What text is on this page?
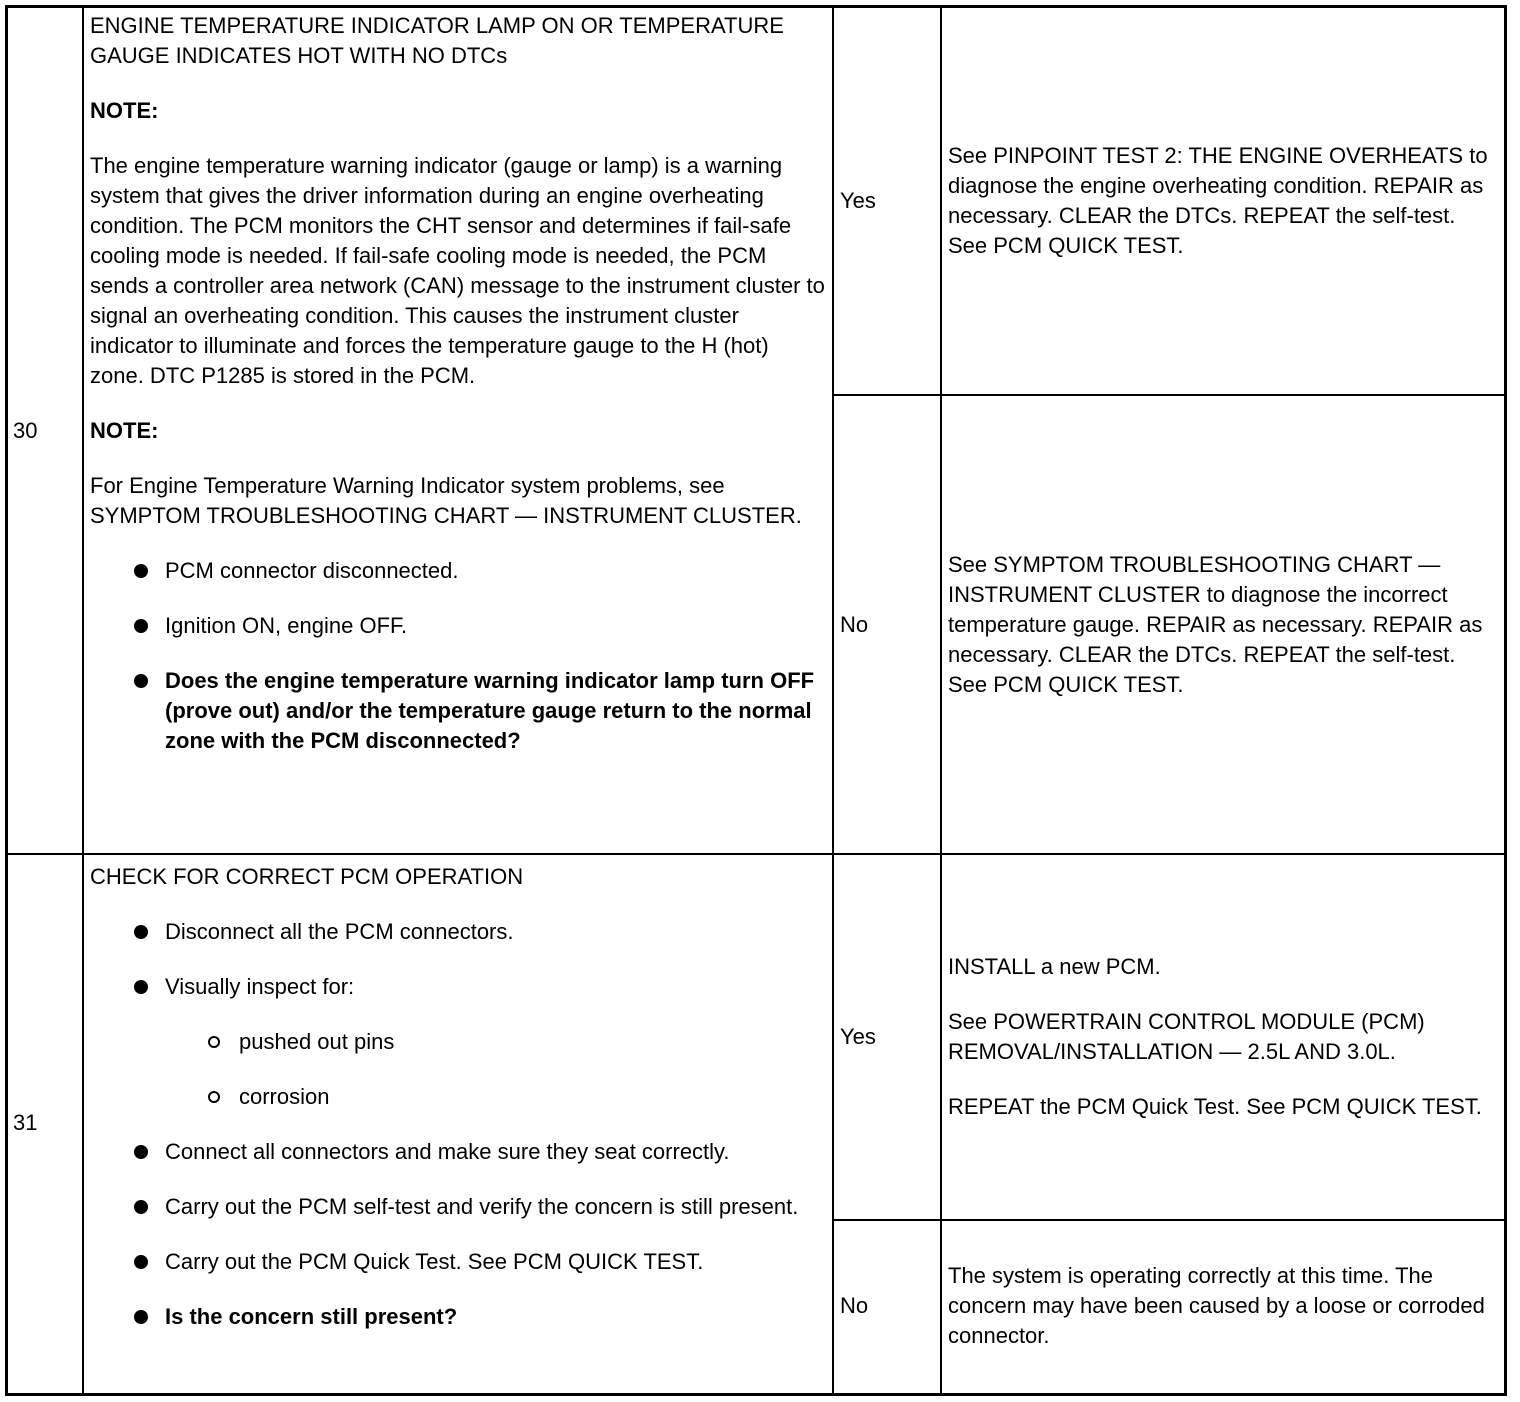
30

ENGINE TEMPERATURE INDICATOR LAMP ON OR TEMPERATURE GAUGE INDICATES HOT WITH NO DTCs

NOTE:

The engine temperature warning indicator (gauge or lamp) is a warning system that gives the driver information during an engine overheating condition. The PCM monitors the CHT sensor and determines if fail-safe cooling mode is needed. If fail-safe cooling mode is needed, the PCM sends a controller area network (CAN) message to the instrument cluster to signal an overheating condition. This causes the instrument cluster indicator to illuminate and forces the temperature gauge to the H (hot) zone. DTC P1285 is stored in the PCM.

NOTE:

For Engine Temperature Warning Indicator system problems, see SYMPTOM TROUBLESHOOTING CHART — INSTRUMENT CLUSTER.

PCM connector disconnected.
Ignition ON, engine OFF.
Does the engine temperature warning indicator lamp turn OFF (prove out) and/or the temperature gauge return to the normal zone with the PCM disconnected?
Yes
See PINPOINT TEST 2: THE ENGINE OVERHEATS to diagnose the engine overheating condition. REPAIR as necessary. CLEAR the DTCs. REPEAT the self-test. See PCM QUICK TEST.
No
See SYMPTOM TROUBLESHOOTING CHART — INSTRUMENT CLUSTER to diagnose the incorrect temperature gauge. REPAIR as necessary. REPAIR as necessary. CLEAR the DTCs. REPEAT the self-test. See PCM QUICK TEST.
31

CHECK FOR CORRECT PCM OPERATION

Disconnect all the PCM connectors.
Visually inspect for:
pushed out pins
corrosion
Connect all connectors and make sure they seat correctly.
Carry out the PCM self-test and verify the concern is still present.
Carry out the PCM Quick Test. See PCM QUICK TEST.
Is the concern still present?
Yes

INSTALL a new PCM.

See POWERTRAIN CONTROL MODULE (PCM) REMOVAL/INSTALLATION — 2.5L AND 3.0L.

REPEAT the PCM Quick Test. See PCM QUICK TEST.

No
The system is operating correctly at this time. The concern may have been caused by a loose or corroded connector.
